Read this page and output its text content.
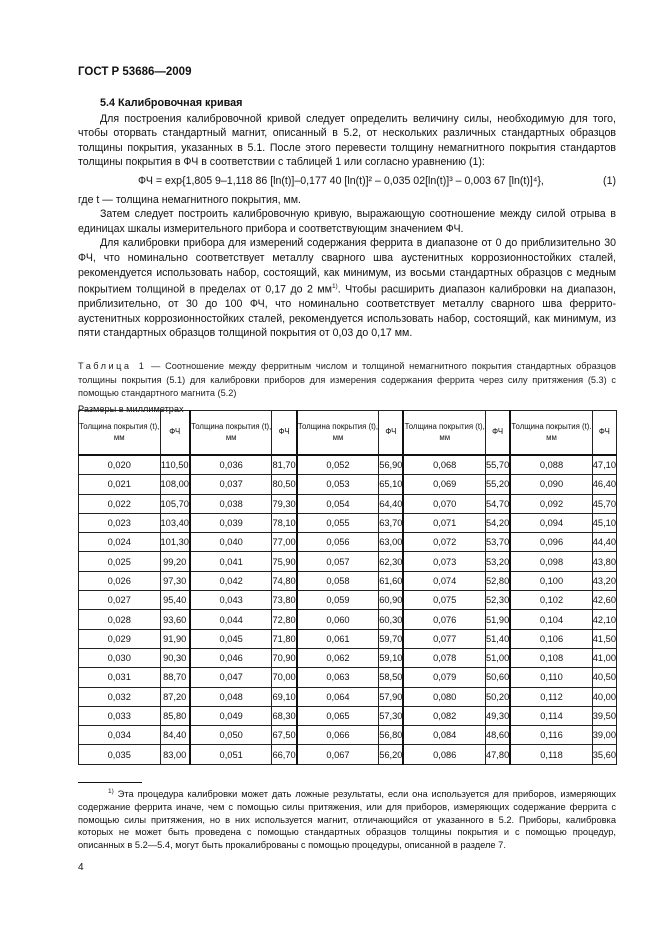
ГОСТ Р 53686—2009
5.4 Калибровочная кривая

Для построения калибровочной кривой следует определить величину силы, необходимую для того, чтобы оторвать стандартный магнит, описанный в 5.2, от нескольких различных стандартных образцов толщины покрытия, указанных в 5.1. После этого перевести толщину немагнитного покрытия стандартов толщины покрытия в ФЧ в соответствии с таблицей 1 или согласно уравнению (1):

ФЧ = exp{1,805 9–1,118 86 [ln(t)]–0,177 40 [ln(t)]² – 0,035 02[ln(t)]³ – 0,003 67 [ln(t)]⁴},	(1)

где t — толщина немагнитного покрытия, мм.

Затем следует построить калибровочную кривую, выражающую соотношение между силой отрыва в единицах шкалы измерительного прибора и соответствующим значением ФЧ.

Для калибровки прибора для измерений содержания феррита в диапазоне от 0 до приблизительно 30 ФЧ, что номинально соответствует металлу сварного шва аустенитных коррозионностойких сталей, рекомендуется использовать набор, состоящий, как минимум, из восьми стандартных образцов с медным покрытием толщиной в пределах от 0,17 до 2 $мм^{1)}$. Чтобы расширить диапазон калибровки на диапазон, приблизительно, от 30 до 100 ФЧ, что номинально соответствует металлу сварного шва феррито-аустенитных коррозионностойких сталей, рекомендуется использовать набор, состоящий, как минимум, из пяти стандартных образцов толщиной покрытия от 0,03 до 0,17 мм.

Таблица 1 — Соотношение между ферритным числом и толщиной немагнитного покрытия стандартных образцов толщины покрытия (5.1) для калибровки приборов для измерения содержания феррита через силу притяжения (5.3) с помощью стандартного магнита (5.2)

Размеры в миллиметрах

Толщина покрытия (t), мм	ФЧ	Толщина покрытия (t), мм	ФЧ	Толщина покрытия (t), мм	ФЧ	Толщина покрытия (t), мм	ФЧ	Толщина покрытия (t). мм	ФЧ
0,020	110,50	0,036	81,70	0,052	56,90	0,068	55,70	0,088	47,10
0,021	108,00	0,037	80,50	0,053	65,10	0,069	55,20	0,090	46,40
0,022	105,70	0,038	79,30	0,054	64,40	0,070	54,70	0,092	45,70
0,023	103,40	0,039	78,10	0,055	63,70	0,071	54,20	0,094	45,10
0,024	101,30	0,040	77,00	0,056	63,00	0,072	53,70	0,096	44,40
0,025	99,20	0,041	75,90	0,057	62,30	0,073	53,20	0,098	43,80
0,026	97,30	0,042	74,80	0,058	61,60	0,074	52,80	0,100	43,20
0,027	95,40	0,043	73,80	0,059	60,90	0,075	52,30	0,102	42,60
0,028	93,60	0,044	72,80	0,060	60,30	0,076	51,90	0,104	42,10
0,029	91,90	0,045	71,80	0,061	59,70	0,077	51,40	0,106	41,50
0,030	90,30	0,046	70,90	0,062	59,10	0,078	51,00	0,108	41,00
0,031	88,70	0,047	70,00	0,063	58,50	0,079	50,60	0,110	40,50
0,032	87,20	0,048	69,10	0,064	57,90	0,080	50,20	0,112	40,00
0,033	85,80	0,049	68,30	0,065	57,30	0,082	49,30	0,114	39,50
0,034	84,40	0,050	67,50	0,066	56,80	0,084	48,60	0,116	39,00
0,035	83,00	0,051	66,70	0,067	56,20	0,086	47,80	0,118	35,60
$^{1)}$ Эта процедура калибровки может дать ложные результаты, если она используется для приборов, измеряющих содержание феррита иначе, чем с помощью силы притяжения, или для приборов, измеряющих содержание феррита с помощью силы притяжения, но в них используется магнит, отличающийся от указанного в 5.2. Приборы, калибровка которых не может быть проведена с помощью стандартных образцов толщины покрытия и с помощью процедур, описанных в 5.2—5.4, могут быть прокалиброваны с помощью процедуры, описанной в разделе 7.
4
